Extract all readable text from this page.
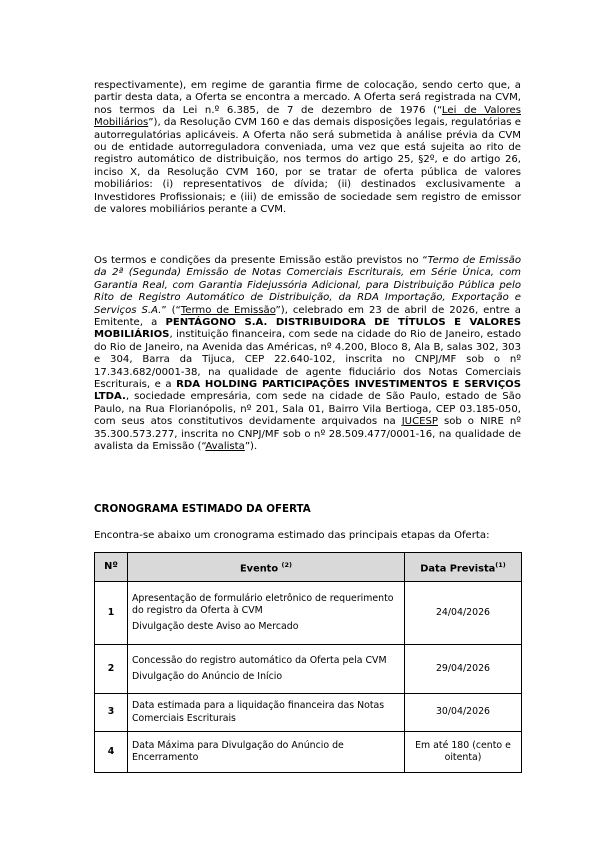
respectivamente), em regime de garantia firme de colocação, sendo certo que, a partir desta data, a Oferta se encontra a mercado. A Oferta será registrada na CVM, nos termos da Lei n.º 6.385, de 7 de dezembro de 1976 (“Lei de Valores Mobiliários”), da Resolução CVM 160 e das demais disposições legais, regulatórias e autorregulatórias aplicáveis. A Oferta não será submetida à análise prévia da CVM ou de entidade autorreguladora conveniada, uma vez que está sujeita ao rito de registro automático de distribuição, nos termos do artigo 25, §2º, e do artigo 26, inciso X, da Resolução CVM 160, por se tratar de oferta pública de valores mobiliários: (i) representativos de dívida; (ii) destinados exclusivamente a Investidores Profissionais; e (iii) de emissão de sociedade sem registro de emissor de valores mobiliários perante a CVM.

Os termos e condições da presente Emissão estão previstos no “Termo de Emissão da 2ª (Segunda) Emissão de Notas Comerciais Escriturais, em Série Única, com Garantia Real, com Garantia Fidejussória Adicional, para Distribuição Pública pelo Rito de Registro Automático de Distribuição, da RDA Importação, Exportação e Serviços S.A.” (“Termo de Emissão”), celebrado em 23 de abril de 2026, entre a Emitente, a PENTÁGONO S.A. DISTRIBUIDORA DE TÍTULOS E VALORES MOBILIÁRIOS, instituição financeira, com sede na cidade do Rio de Janeiro, estado do Rio de Janeiro, na Avenida das Américas, nº 4.200, Bloco 8, Ala B, salas 302, 303 e 304, Barra da Tijuca, CEP 22.640-102, inscrita no CNPJ/MF sob o nº 17.343.682/0001-38, na qualidade de agente fiduciário dos Notas Comerciais Escriturais, e a RDA HOLDING PARTICIPAÇÕES INVESTIMENTOS E SERVIÇOS LTDA., sociedade empresária, com sede na cidade de São Paulo, estado de São Paulo, na Rua Florianópolis, nº 201, Sala 01, Bairro Vila Bertioga, CEP 03.185-050, com seus atos constitutivos devidamente arquivados na JUCESP sob o NIRE nº 35.300.573.277, inscrita no CNPJ/MF sob o nº 28.509.477/0001-16, na qualidade de avalista da Emissão (“Avalista”).

CRONOGRAMA ESTIMADO DA OFERTA
Encontra-se abaixo um cronograma estimado das principais etapas da Oferta:
Nº	Evento $^{(2)}$	Data Prevista$^{(1)}$
1	Apresentação de formulário eletrônico de requerimento do registro da Oferta à CVM
Divulgação deste Aviso ao Mercado	24/04/2026
2	Concessão do registro automático da Oferta pela CVM
Divulgação do Anúncio de Início	29/04/2026
3	Data estimada para a liquidação financeira das Notas Comerciais Escriturais	30/04/2026
4	Data Máxima para Divulgação do Anúncio de Encerramento	Em até 180 (cento e oitenta)
